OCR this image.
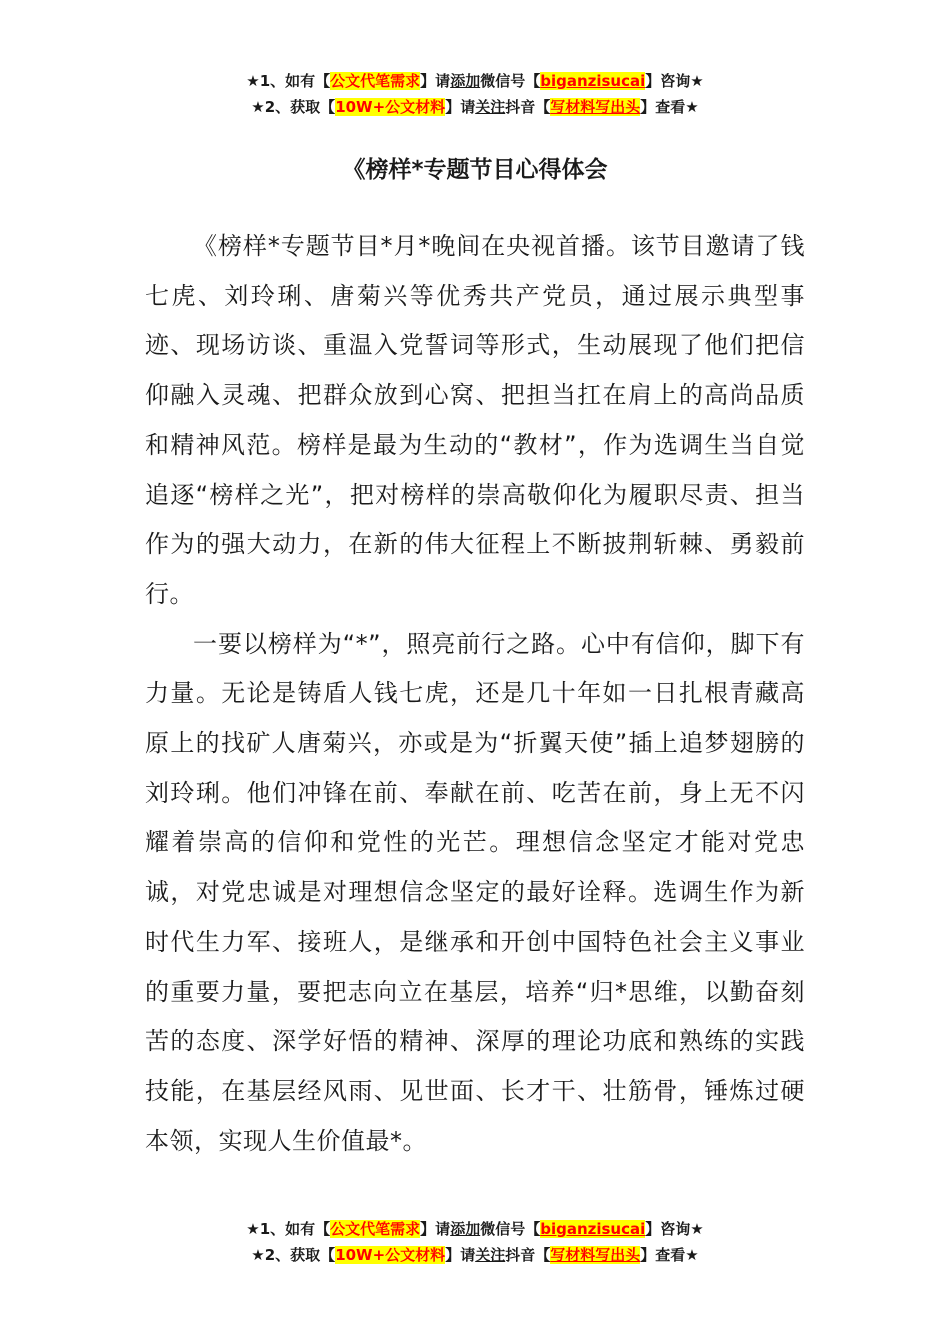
★1、如有【公文代笔需求】请添加微信号【biganzisucai】咨询★
★2、获取【10W+公文材料】请关注抖音【写材料写出头】查看★
《榜样*专题节目心得体会

《榜样*专题节目*月*晚间在央视首播。该节目邀请了钱七虎、刘玲琍、唐菊兴等优秀共产党员，通过展示典型事迹、现场访谈、重温入党誓词等形式，生动展现了他们把信仰融入灵魂、把群众放到心窝、把担当扛在肩上的高尚品质和精神风范。榜样是最为生动的“教材”，作为选调生当自觉追逐“榜样之光”，把对榜样的崇高敬仰化为履职尽责、担当作为的强大动力，在新的伟大征程上不断披荆斩棘、勇毅前行。

一要以榜样为“*”，照亮前行之路。心中有信仰，脚下有力量。无论是铸盾人钱七虎，还是几十年如一日扎根青藏高原上的找矿人唐菊兴，亦或是为“折翼天使”插上追梦翅膀的刘玲琍。他们冲锋在前、奉献在前、吃苦在前，身上无不闪耀着崇高的信仰和党性的光芒。理想信念坚定才能对党忠诚，对党忠诚是对理想信念坚定的最好诠释。选调生作为新时代生力军、接班人，是继承和开创中国特色社会主义事业的重要力量，要把志向立在基层，培养“归*思维，以勤奋刻苦的态度、深学好悟的精神、深厚的理论功底和熟练的实践技能，在基层经风雨、见世面、长才干、壮筋骨，锤炼过硬本领，实现人生价值最*。

★1、如有【公文代笔需求】请添加微信号【biganzisucai】咨询★
★2、获取【10W+公文材料】请关注抖音【写材料写出头】查看★
